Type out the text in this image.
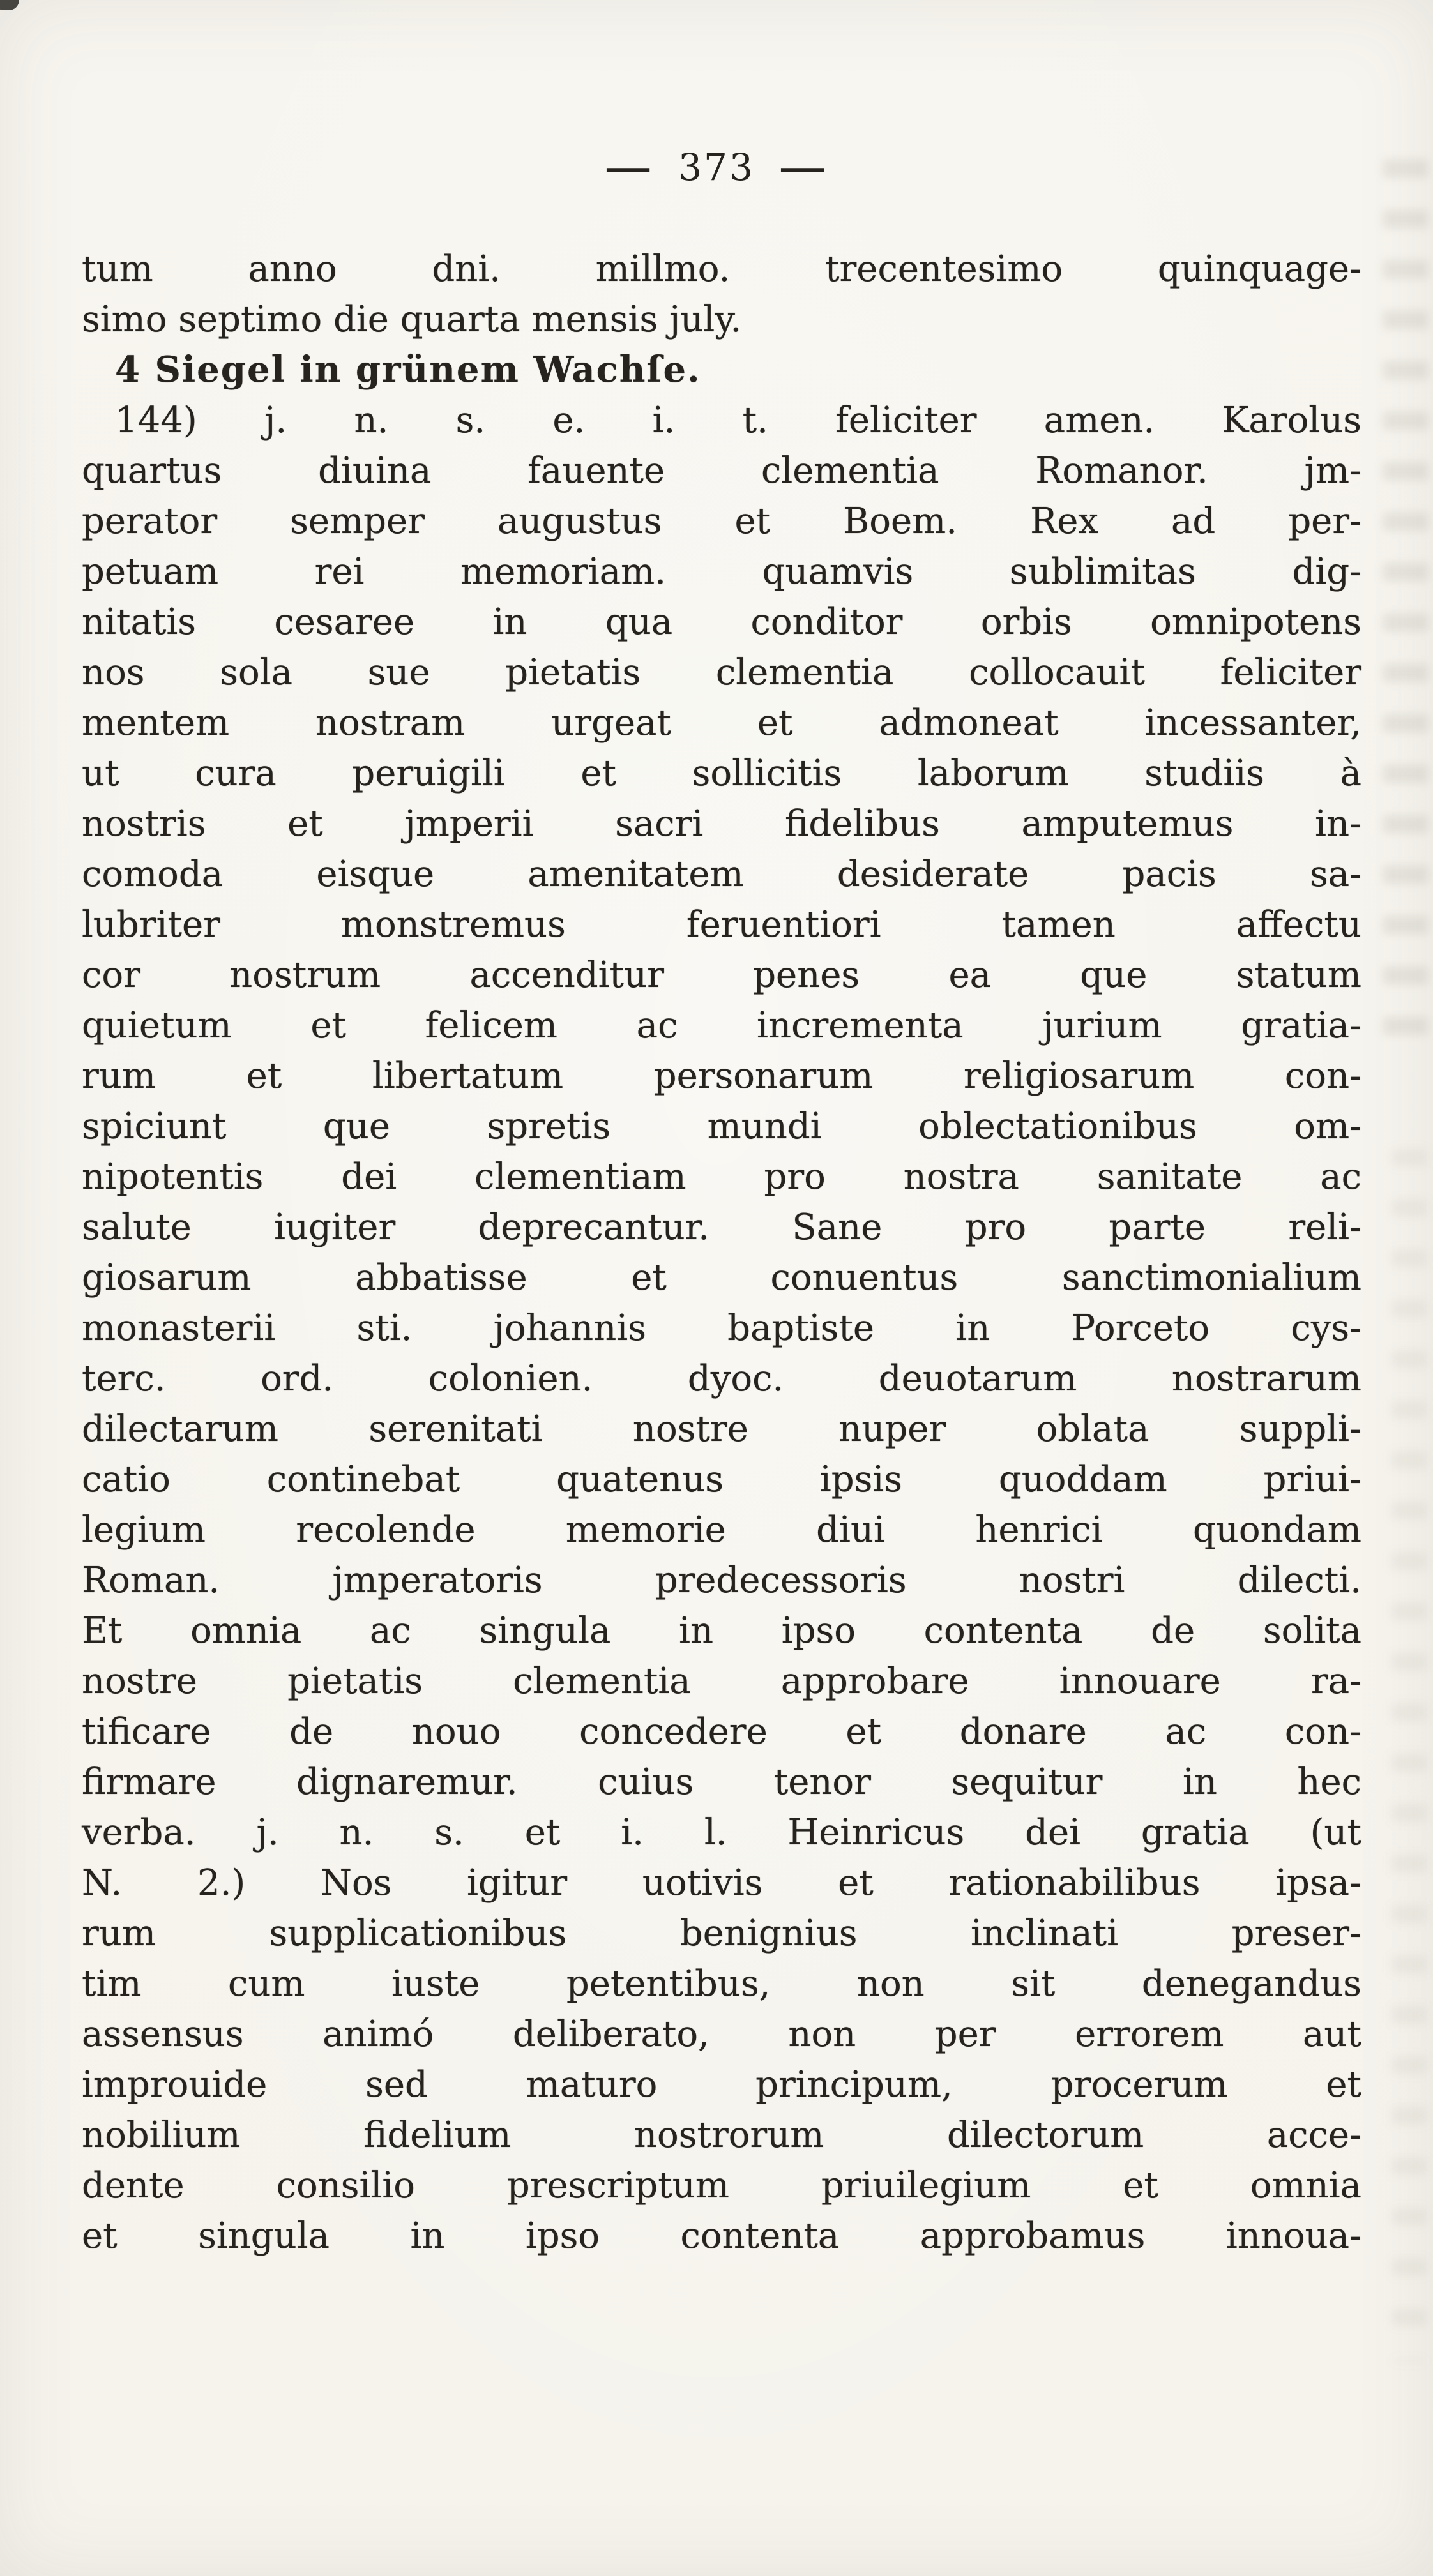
— 373 —
tum anno dni. millmo. trecentesimo quinquage-
simo septimo die quarta mensis july.
4 Siegel in grünem Wachſe.
144) j. n. s. e. i. t. feliciter amen. Karolus
quartus diuina fauente clementia Romanor. jm-
perator semper augustus et Boem. Rex ad per-
petuam rei memoriam. quamvis sublimitas dig-
nitatis cesaree in qua conditor orbis omnipotens
nos sola sue pietatis clementia collocauit feliciter
mentem nostram urgeat et admoneat incessanter,
ut cura peruigili et sollicitis laborum studiis à
nostris et jmperii sacri fidelibus amputemus in-
comoda eisque amenitatem desiderate pacis sa-
lubriter monstremus feruentiori tamen affectu
cor nostrum accenditur penes ea que statum
quietum et felicem ac incrementa jurium gratia-
rum et libertatum personarum religiosarum con-
spiciunt que spretis mundi oblectationibus om-
nipotentis dei clementiam pro nostra sanitate ac
salute iugiter deprecantur. Sane pro parte reli-
giosarum abbatisse et conuentus sanctimonialium
monasterii sti. johannis baptiste in Porceto cys-
terc. ord. colonien. dyoc. deuotarum nostrarum
dilectarum serenitati nostre nuper oblata suppli-
catio continebat quatenus ipsis quoddam priui-
legium recolende memorie diui henrici quondam
Roman. jmperatoris predecessoris nostri dilecti.
Et omnia ac singula in ipso contenta de solita
nostre pietatis clementia approbare innouare ra-
tificare de nouo concedere et donare ac con-
firmare dignaremur. cuius tenor sequitur in hec
verba. j. n. s. et i. l. Heinricus dei gratia (ut
N. 2.) Nos igitur uotivis et rationabilibus ipsa-
rum supplicationibus benignius inclinati preser-
tim cum iuste petentibus, non sit denegandus
assensus animó deliberato, non per errorem aut
improuide sed maturo principum, procerum et
nobilium fidelium nostrorum dilectorum acce-
dente consilio prescriptum priuilegium et omnia
et singula in ipso contenta approbamus innoua-
